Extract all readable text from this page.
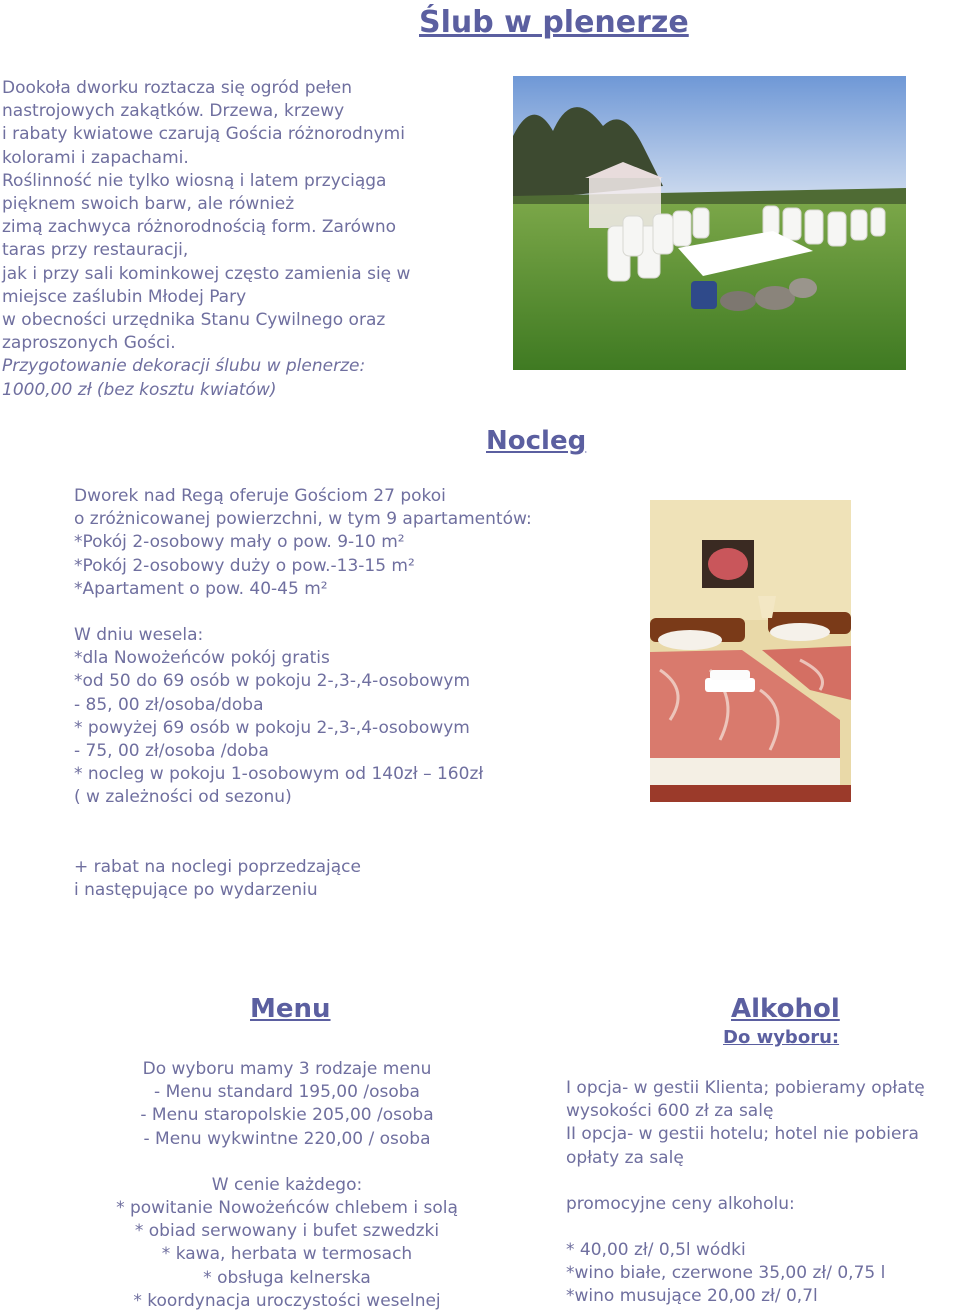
Ślub w plenerze
Dookoła dworku roztacza się ogród pełen
nastrojowych zakątków. Drzewa, krzewy
i rabaty kwiatowe czarują Gościa różnorodnymi
kolorami i zapachami.
Roślinność nie tylko wiosną i latem przyciąga
pięknem swoich barw, ale również
zimą zachwyca różnorodnością form. Zarówno
taras przy restauracji,
jak i przy sali kominkowej często zamienia się w
miejsce zaślubin Młodej Pary
w obecności urzędnika Stanu Cywilnego oraz
zaproszonych Gości.
Przygotowanie dekoracji ślubu w plenerze:
1000,00 zł (bez kosztu kwiatów)
Nocleg
Dworek nad Regą oferuje Gościom 27 pokoi
o zróżnicowanej powierzchni, w tym 9 apartamentów:
*Pokój 2-osobowy mały o pow. 9-10 m²
*Pokój 2-osobowy duży o pow.-13-15 m²
*Apartament o pow. 40-45 m²
W dniu wesela:
*dla Nowożeńców pokój gratis
*od 50 do 69 osób w pokoju 2-,3-,4-osobowym
- 85, 00 zł/osoba/doba
* powyżej 69 osób w pokoju 2-,3-,4-osobowym
- 75, 00 zł/osoba /doba
* nocleg w pokoju 1-osobowym od 140zł – 160zł
( w zależności od sezonu)
+ rabat na noclegi poprzedzające
i następujące po wydarzeniu
Menu
Do wyboru mamy 3 rodzaje menu
- Menu standard 195,00 /osoba
- Menu staropolskie 205,00 /osoba
- Menu wykwintne 220,00 / osoba
W cenie każdego:
* powitanie Nowożeńców chlebem i solą
* obiad serwowany i bufet szwedzki
* kawa, herbata w termosach
* obsługa kelnerska
* koordynacja uroczystości weselnej
Alkohol
Do wyboru:
I opcja- w gestii Klienta; pobieramy opłatę
wysokości 600 zł za salę
II opcja- w gestii hotelu; hotel nie pobiera
opłaty za salę
promocyjne ceny alkoholu:
* 40,00 zł/ 0,5l wódki
*wino białe, czerwone 35,00 zł/ 0,75 l
*wino musujące 20,00 zł/ 0,7l
